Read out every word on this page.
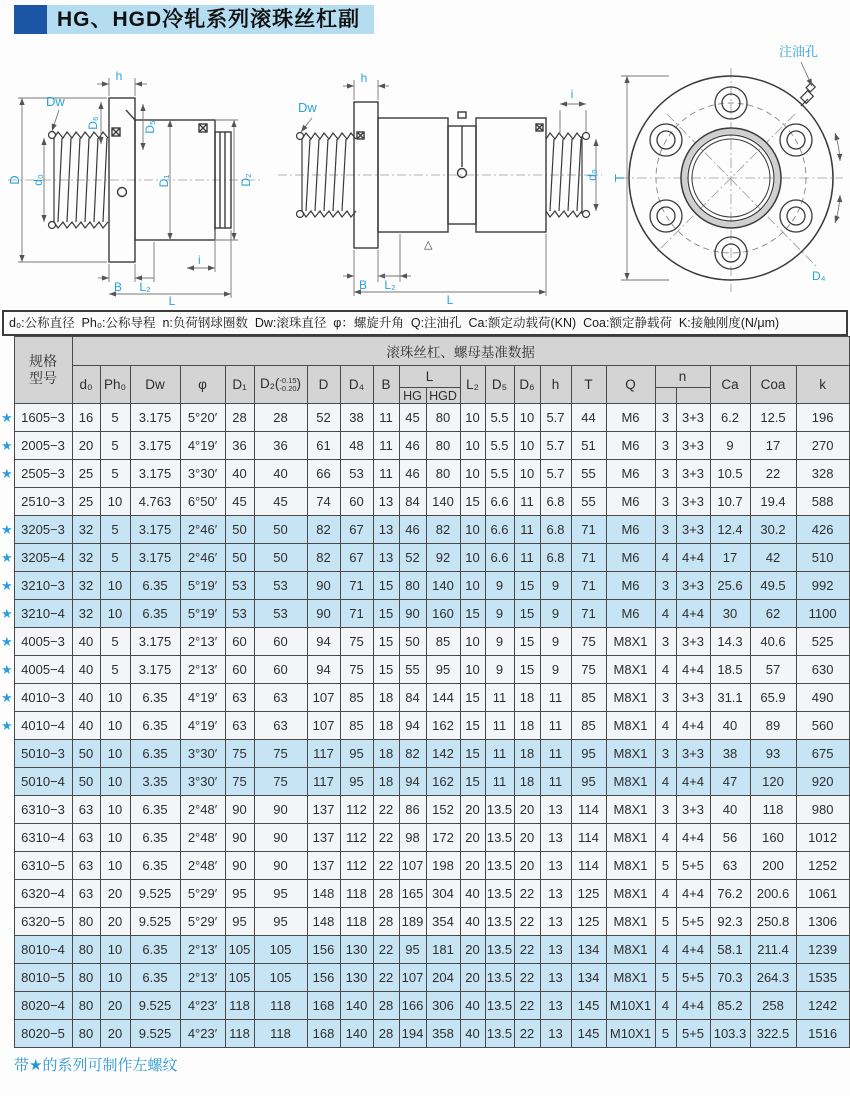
HG、HGD冷轧系列滚珠丝杠副
Dw
D d₀
h
D₆	D₅
D₁	D₂
i
B L₂
L
h
i
Dw
d₀
△
B L₂
L
T
D₄
注油孔
d₀:公称直径  Ph₀:公称导程  n:负荷钢球圈数  Dw:滚珠直径  φ：螺旋升角  Q:注油孔  Ca:额定动载荷(KN)  Coa:额定静载荷  K:接触刚度(N/μm)

	规格
型号	滚珠丝杠、螺母基准数据																					
		d₀	Ph₀	Dw	φ	D₁	D₂( -0.15
-0.20 )	D	D₄	B	L		L₂	D₅	D₆	h	T	Q	n		Ca	Coa	k
											HG	HGD											
★	1605−3	16	5	3.175	5°20′	28	28	52	38	11	45	80	10	5.5	10	5.7	44	M6	3	3+3	6.2	12.5	196
★	2005−3	20	5	3.175	4°19′	36	36	61	48	11	46	80	10	5.5	10	5.7	51	M6	3	3+3	9	17	270
★	2505−3	25	5	3.175	3°30′	40	40	66	53	11	46	80	10	5.5	10	5.7	55	M6	3	3+3	10.5	22	328
	2510−3	25	10	4.763	6°50′	45	45	74	60	13	84	140	15	6.6	11	6.8	55	M6	3	3+3	10.7	19.4	588
★	3205−3	32	5	3.175	2°46′	50	50	82	67	13	46	82	10	6.6	11	6.8	71	M6	3	3+3	12.4	30.2	426
★	3205−4	32	5	3.175	2°46′	50	50	82	67	13	52	92	10	6.6	11	6.8	71	M6	4	4+4	17	42	510
★	3210−3	32	10	6.35	5°19′	53	53	90	71	15	80	140	10	9	15	9	71	M6	3	3+3	25.6	49.5	992
★	3210−4	32	10	6.35	5°19′	53	53	90	71	15	90	160	15	9	15	9	71	M6	4	4+4	30	62	1100
★	4005−3	40	5	3.175	2°13′	60	60	94	75	15	50	85	10	9	15	9	75	M8X1	3	3+3	14.3	40.6	525
★	4005−4	40	5	3.175	2°13′	60	60	94	75	15	55	95	10	9	15	9	75	M8X1	4	4+4	18.5	57	630
★	4010−3	40	10	6.35	4°19′	63	63	107	85	18	84	144	15	11	18	11	85	M8X1	3	3+3	31.1	65.9	490
★	4010−4	40	10	6.35	4°19′	63	63	107	85	18	94	162	15	11	18	11	85	M8X1	4	4+4	40	89	560
	5010−3	50	10	6.35	3°30′	75	75	117	95	18	82	142	15	11	18	11	95	M8X1	3	3+3	38	93	675
	5010−4	50	10	3.35	3°30′	75	75	117	95	18	94	162	15	11	18	11	95	M8X1	4	4+4	47	120	920
	6310−3	63	10	6.35	2°48′	90	90	137	112	22	86	152	20	13.5	20	13	114	M8X1	3	3+3	40	118	980
	6310−4	63	10	6.35	2°48′	90	90	137	112	22	98	172	20	13.5	20	13	114	M8X1	4	4+4	56	160	1012
	6310−5	63	10	6.35	2°48′	90	90	137	112	22	107	198	20	13.5	20	13	114	M8X1	5	5+5	63	200	1252
	6320−4	63	20	9.525	5°29′	95	95	148	118	28	165	304	40	13.5	22	13	125	M8X1	4	4+4	76.2	200.6	1061
	6320−5	80	20	9.525	5°29′	95	95	148	118	28	189	354	40	13.5	22	13	125	M8X1	5	5+5	92.3	250.8	1306
	8010−4	80	10	6.35	2°13′	105	105	156	130	22	95	181	20	13.5	22	13	134	M8X1	4	4+4	58.1	211.4	1239
	8010−5	80	10	6.35	2°13′	105	105	156	130	22	107	204	20	13.5	22	13	134	M8X1	5	5+5	70.3	264.3	1535
	8020−4	80	20	9.525	4°23′	118	118	168	140	28	166	306	40	13.5	22	13	145	M10X1	4	4+4	85.2	258	1242
	8020−5	80	20	9.525	4°23′	118	118	168	140	28	194	358	40	13.5	22	13	145	M10X1	5	5+5	103.3	322.5	1516
带★的系列可制作左螺纹
